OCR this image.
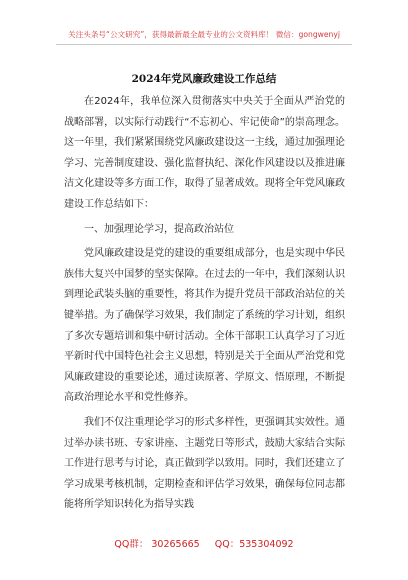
关注头条号“公文研究”，获得最新最全最专业的公文资料库！ 微信：gongwenyj
2024年党风廉政建设工作总结

在2024年，我单位深入贯彻落实中央关于全面从严治党的战略部署，以实际行动践行“不忘初心、牢记使命”的崇高理念。这一年里，我们紧紧围绕党风廉政建设这一主线，通过加强理论学习、完善制度建设、强化监督执纪、深化作风建设以及推进廉洁文化建设等多方面工作，取得了显著成效。现将全年党风廉政建设工作总结如下：

一、加强理论学习，提高政治站位

党风廉政建设是党的建设的重要组成部分，也是实现中华民族伟大复兴中国梦的坚实保障。在过去的一年中，我们深刻认识到理论武装头脑的重要性，将其作为提升党员干部政治站位的关键举措。为了确保学习效果，我们制定了系统的学习计划，组织了多次专题培训和集中研讨活动。全体干部职工认真学习了习近平新时代中国特色社会主义思想，特别是关于全面从严治党和党风廉政建设的重要论述，通过读原著、学原文、悟原理，不断提高政治理论水平和党性修养。

我们不仅注重理论学习的形式多样性，更强调其实效性。通过举办读书班、专家讲座、主题党日等形式，鼓励大家结合实际工作进行思考与讨论，真正做到学以致用。同时，我们还建立了学习成果考核机制，定期检查和评估学习效果，确保每位同志都能将所学知识转化为指导实践

QQ群： 30265665 QQ：535304092
